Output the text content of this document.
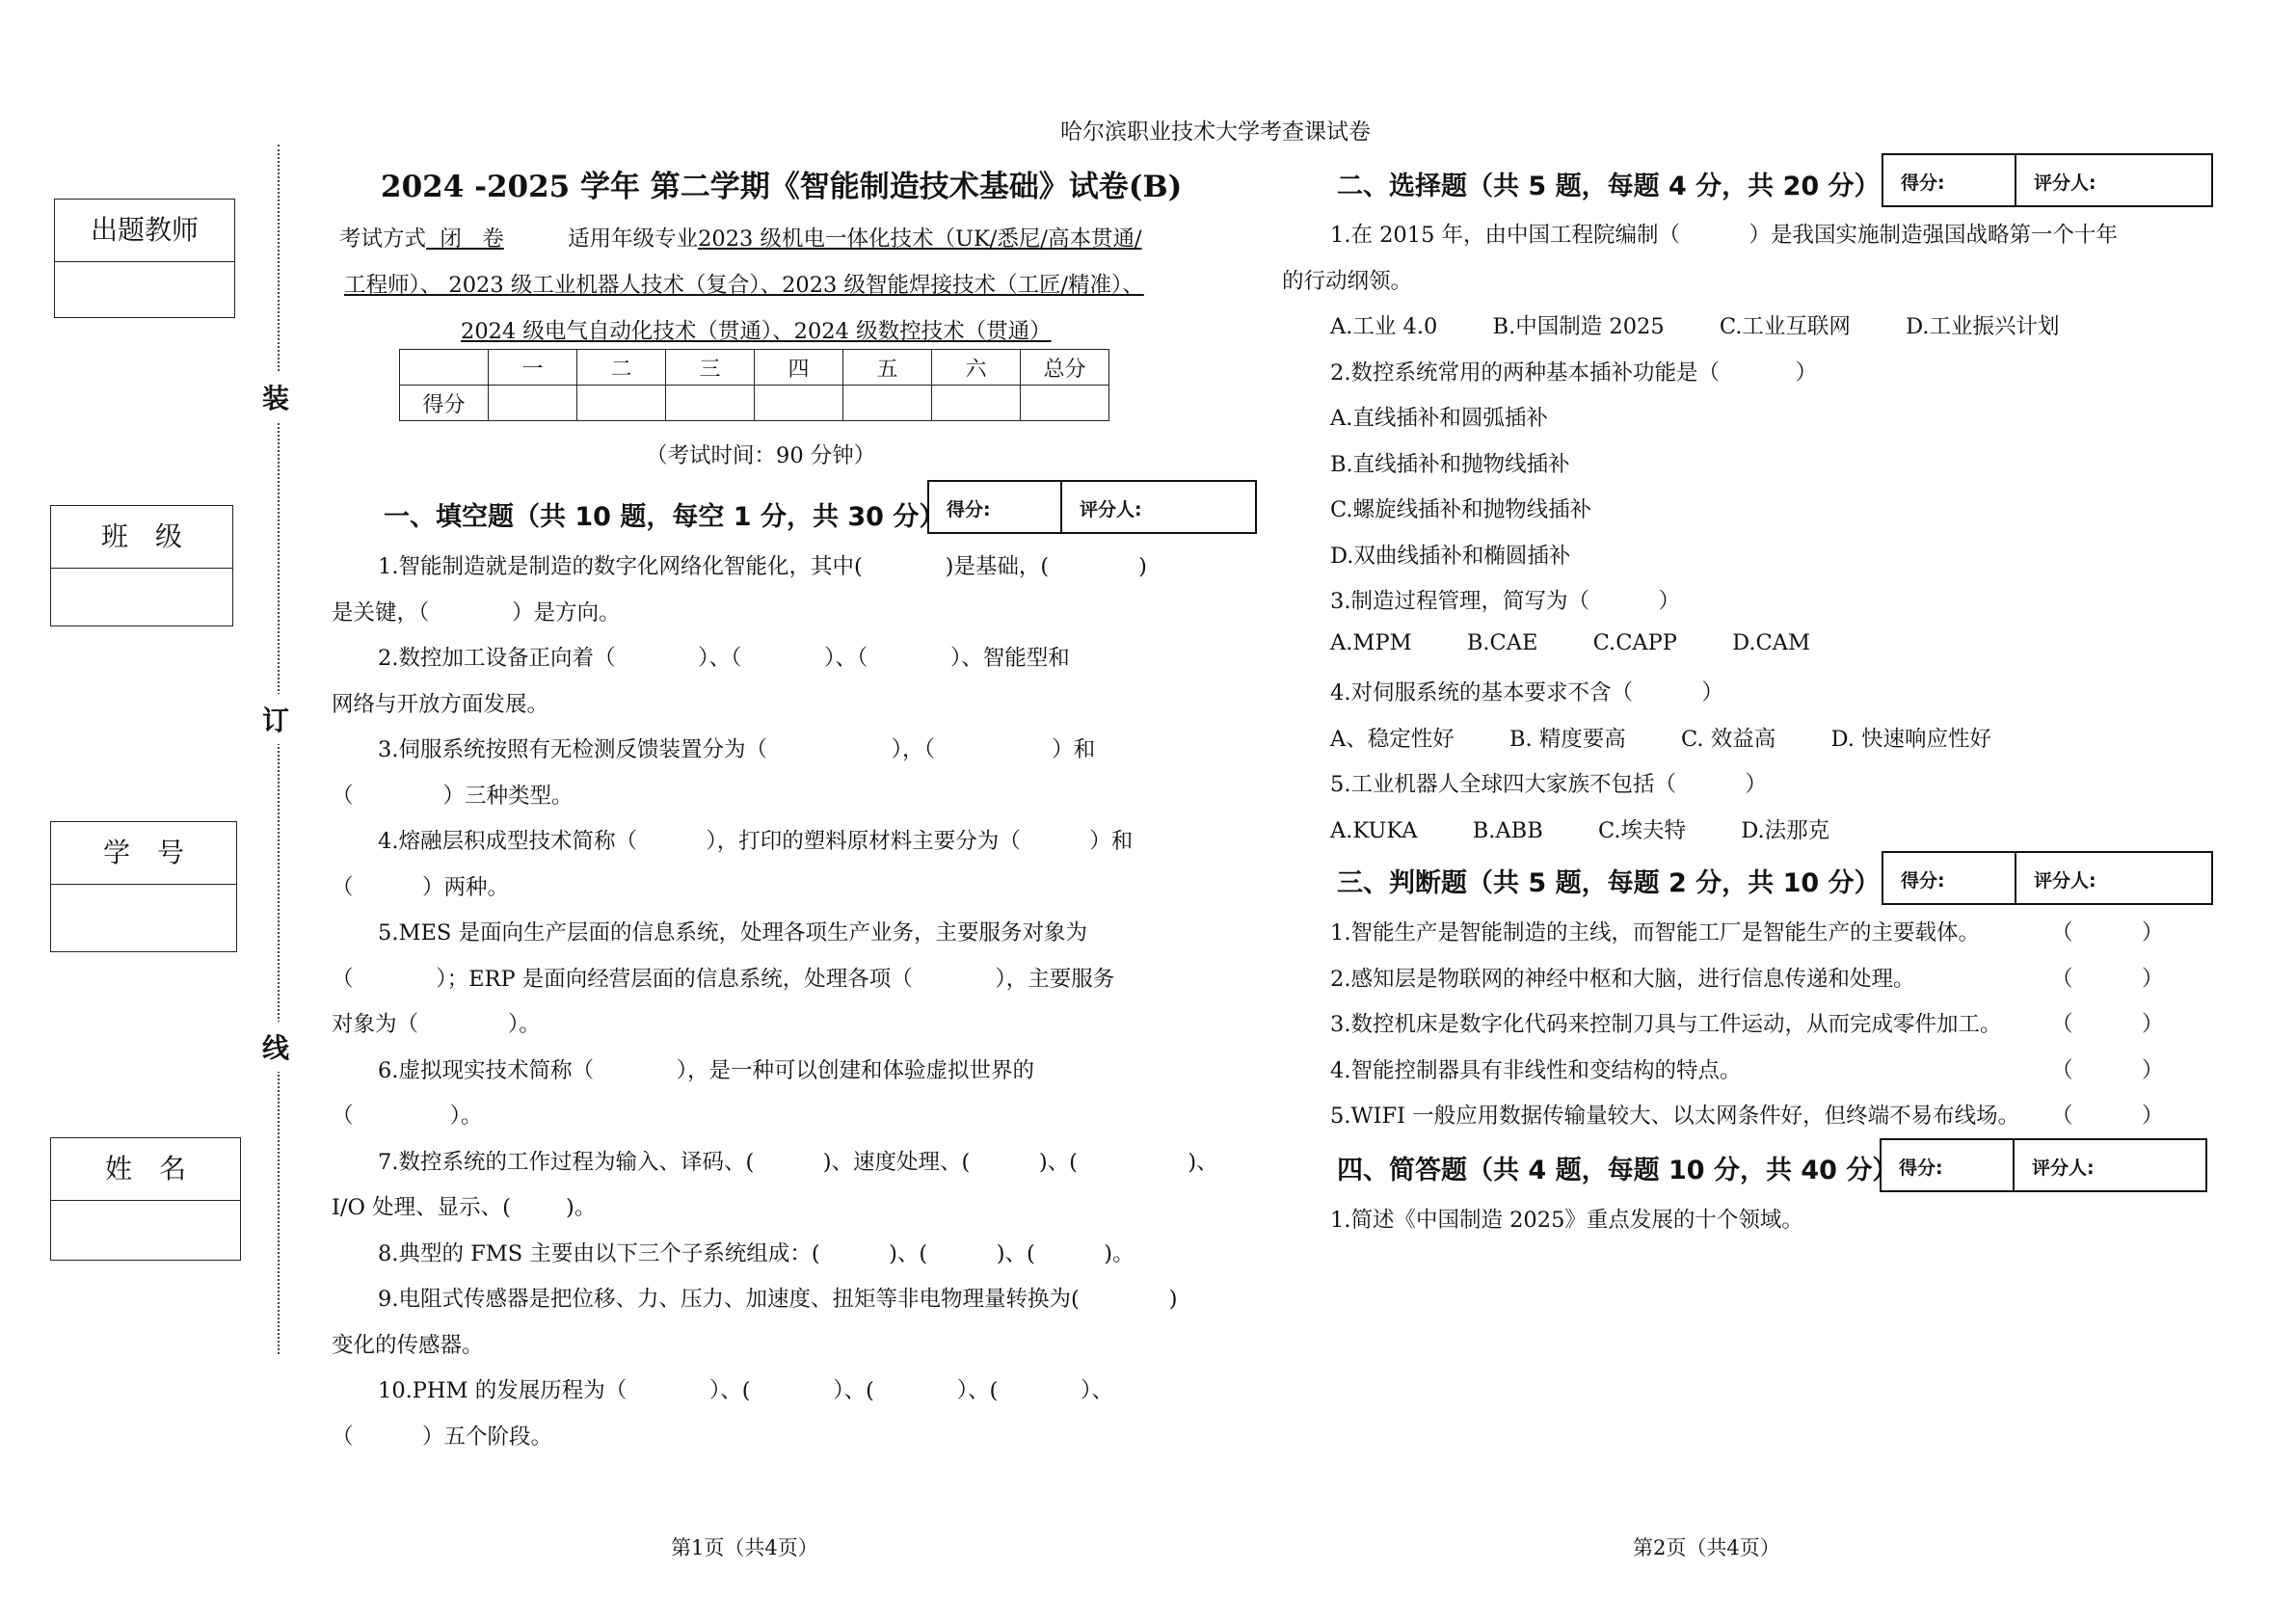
哈尔滨职业技术大学考查课试卷
出题教师
班　级
学　号
姓　名
装
订
线
2024 -2025 学年 第二学期《智能制造技术基础》试卷(B)
考试方式  闭   卷	适用年级专业2023 级机电一体化技术（UK/悉尼/高本贯通/
工程师）、 2023 级工业机器人技术（复合）、2023 级智能焊接技术（工匠/精准）、
2024 级电气自动化技术（贯通）、2024 级数控技术（贯通）
	一	二	三	四	五	六	总分
得分							
（考试时间：90 分钟）
一、填空题（共 10 题，每空 1 分，共 30 分） 得分:	评分人:
1.智能制造就是制造的数字化网络化智能化，其中(            )是基础，(             )
是关键，（            ）是方向。
2.数控加工设备正向着（            ）、（            ）、（            ）、智能型和
网络与开放方面发展。
3.伺服系统按照有无检测反馈装置分为（                  ），（                 ）和
（             ）三种类型。
4.熔融层积成型技术简称（          ），打印的塑料原材料主要分为（          ）和
（          ）两种。
5.MES 是面向生产层面的信息系统，处理各项生产业务，主要服务对象为
（            ）；ERP 是面向经营层面的信息系统，处理各项（            ），主要服务
对象为（             ）。
6.虚拟现实技术简称（            ），是一种可以创建和体验虚拟世界的
（              ）。
7.数控系统的工作过程为输入、译码、(          )、速度处理、(          )、(                )、
I/O 处理、显示、(        )。
8.典型的 FMS 主要由以下三个子系统组成：(          )、(          )、(          )。
9.电阻式传感器是把位移、力、压力、加速度、扭矩等非电物理量转换为(             )
变化的传感器。
10.PHM 的发展历程为（            ）、(            ）、(            ）、(            ）、
（          ）五个阶段。
二、选择题（共 5 题，每题 4 分，共 20 分）	得分:	评分人:
1.在 2015 年，由中国工程院编制（          ）是我国实施制造强国战略第一个十年
的行动纲领。
A.工业 4.0        B.中国制造 2025        C.工业互联网        D.工业振兴计划
2.数控系统常用的两种基本插补功能是（           ）
A.直线插补和圆弧插补
B.直线插补和抛物线插补
C.螺旋线插补和抛物线插补
D.双曲线插补和椭圆插补
3.制造过程管理，简写为（          ）
A.MPM        B.CAE        C.CAPP        D.CAM
4.对伺服系统的基本要求不含（          ）
A、稳定性好        B. 精度要高        C. 效益高        D. 快速响应性好
5.工业机器人全球四大家族不包括（          ）
A.KUKA        B.ABB        C.埃夫特        D.法那克
三、判断题（共 5 题，每题 2 分，共 10 分）	得分:	评分人:
1.智能生产是智能制造的主线，而智能工厂是智能生产的主要载体。	（          ）
2.感知层是物联网的神经中枢和大脑，进行信息传递和处理。	（          ）
3.数控机床是数字化代码来控制刀具与工件运动，从而完成零件加工。 （          ）
4.智能控制器具有非线性和变结构的特点。	（          ）
5.WIFI 一般应用数据传输量较大、以太网条件好，但终端不易布线场。 （          ）
四、简答题（共 4 题，每题 10 分，共 40 分） 得分:	评分人:
1.简述《中国制造 2025》重点发展的十个领域。
第1页（共4页）	第2页（共4页）
